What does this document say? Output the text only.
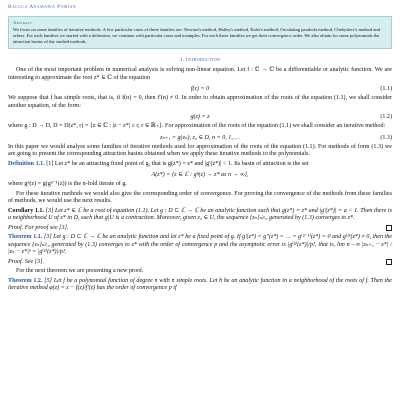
Raluca Anamaria Pomian
Abstract.
We focus on some families of iterative methods. A few particular cases of these families are: Newton's method, Halley's method, Euler's method, Osculating parabola method, Chebyshev's method and others. For each families we started with a definition, we continue with particular cases and examples. For each these families we get their convergence order. We also obtain for some polynomials the attraction basins of the studied methods.
1. Introduction

One of the most important problem in numerical analysis is solving non-linear equation. Let f : ℂ → ℂ be a differentiable or analytic function. We are interesting to approximate the root z* ∈ ℂ of the equation

f(z) = 0	(1.1)

We suppose that f has simple roots, that is, if f(α) = 0, then f′(α) ≠ 0. In order to obtain approximation of the roots of the equation (1.1), we shall consider another equation, of the form:

g(z) = z	(1.2)

where g : D → D, D = D(z*, r) = {z ∈ ℂ : |z − z*| ≤ r, r ∈ ℝ₊}. For approximation of the roots of the equation (1.1) we shall consider an iterative method:

zₙ₊₁ = g(zₙ), z₀ ∈ D, n = 0, 1, …	(1.3)

In this paper we would analyse some families of iterative methods used for approximation of the roots of the equation (1.1). For methods of form (1.3) we are going to present the corresponding attraction basins obtained when we apply these iterative methods to the polynomials.

Definition 1.1. [1] Let z* be an attracting fixed point of g, that is g(z*) = z* and |g′(z*)| < 1. Its basin of attraction is the set

A(z*) = {z ∈ ℂ : gⁿ(z) → z* as n → ∞},

where gⁿ(z) = g(gⁿ⁻¹(z)) is the n-fold iterate of g.

For these iterative methods we would also give the corresponding order of convergence. For proving the convergence of the methods from these families of methods, we would use the next results.

Corollary 1.1. [3] Let z* ∈ ℂ be a root of equation (1.1). Let g : D ⊂ ℂ → ℂ be an analytic function such that g(z*) = z* and |g′(z*)| = a < 1. Then there is a neighborhood U of z* in D, such that g|U is a contraction. Moreover, given z₀ ∈ U, the sequence {zₙ}ₙ≥₀ generated by (1.3) converges to z*.

Proof. For proof see [3].

Theorem 1.1. [3] Let g : D ⊂ ℂ → ℂ be an analytic function and let z* be a fixed point of g. If g′(z*) = g″(z*) = … = g⁽ᵖ⁻¹⁾(z*) = 0 and g⁽ᵖ⁾(z*) ≠ 0, then the sequence {zₙ}ₙ≥₀ generated by (1.3) converges to z* with the order of convergence p and the asymptotic error is |g⁽ᵖ⁾(z*)|/p!, that is, lim n→∞ |zₙ₊₁ − z*| / |zₙ − z*|ᵖ = |g⁽ᵖ⁾(z*)|/p!.

Proof. See [3].

For the next theorem we are presenting a new proof.

Theorem 1.2. [5] Let f be a polynomial function of degree n with n simple roots. Let h be an analytic function in a neighborhood of the roots of f. Then the iterative method φ(z) = z − f(z)/f′(z) has the order of convergence p if
